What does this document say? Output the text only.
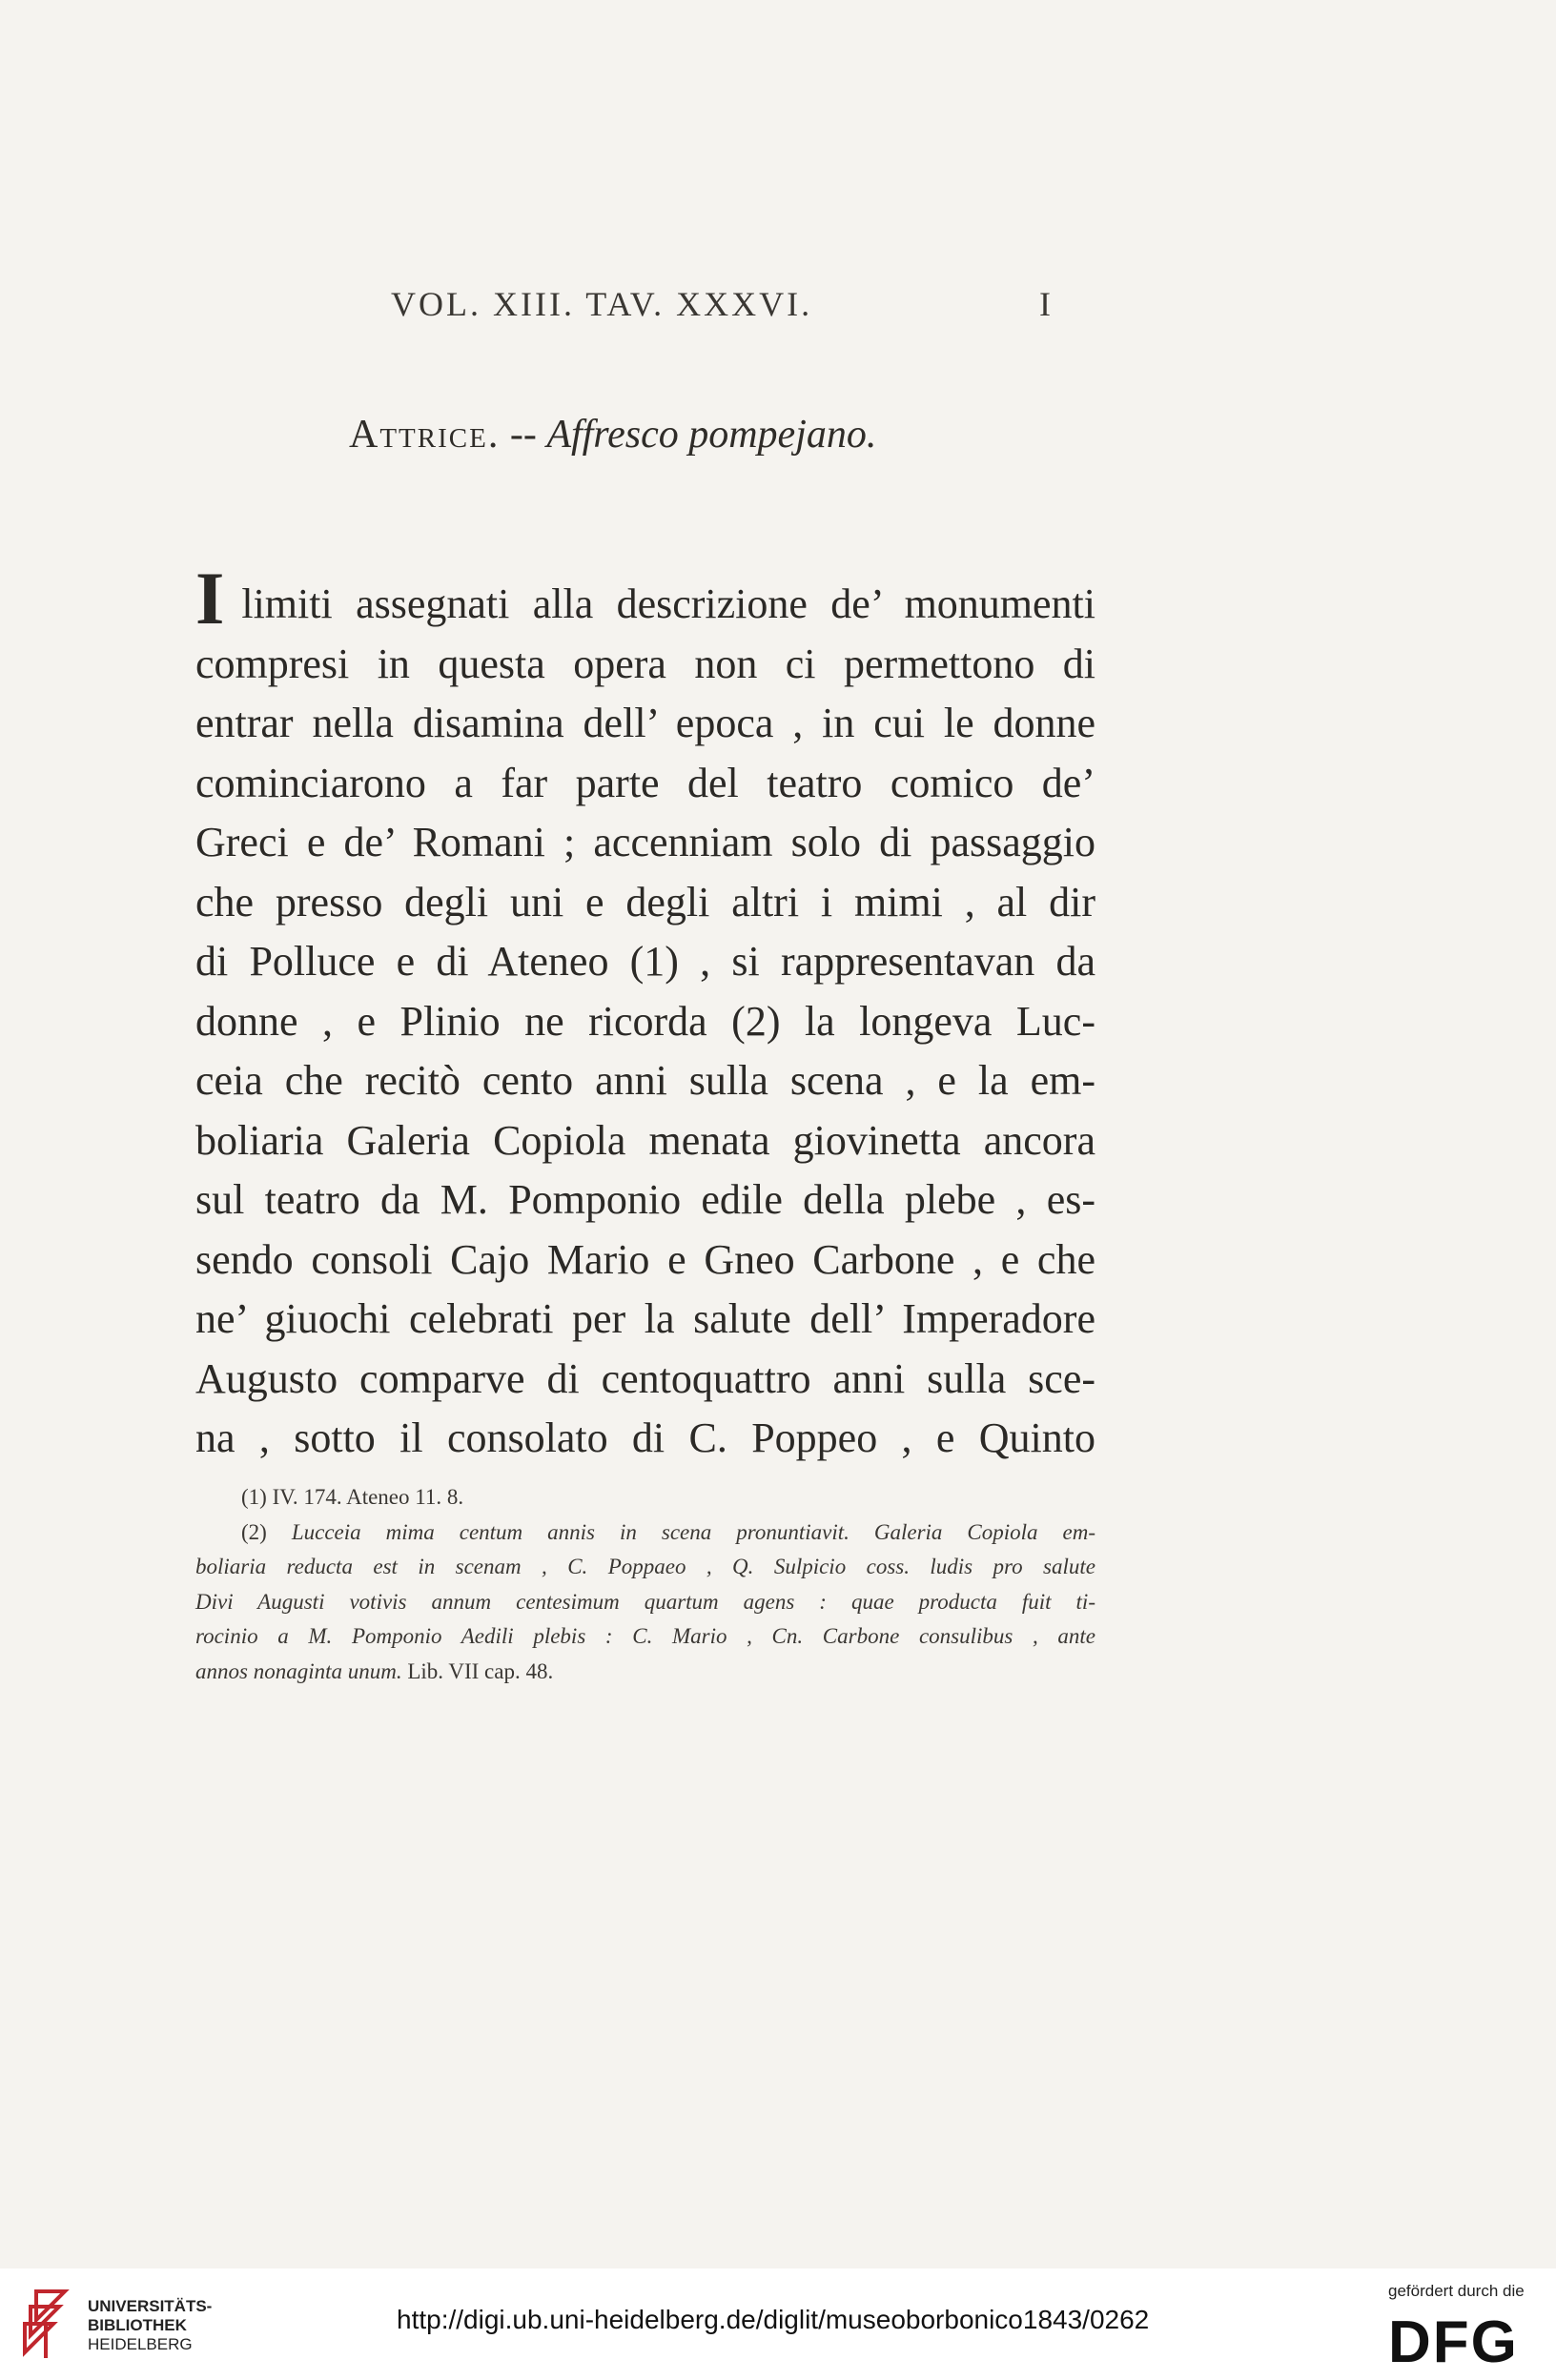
VOL. XIII. TAV. XXXVI.	I
Attrice. -- Affresco pompejano.
Ilimiti assegnati alla descrizione de’ monumenti
compresi in questa opera non ci permettono di
entrar nella disamina dell’ epoca , in cui le donne
cominciarono a far parte del teatro comico de’
Greci e de’ Romani ; accenniam solo di passaggio
che presso degli uni e degli altri i mimi , al dir
di Polluce e di Ateneo (1) , si rappresentavan da
donne , e Plinio ne ricorda (2) la longeva Luc-
ceia che recitò cento anni sulla scena , e la em-
boliaria Galeria Copiola menata giovinetta ancora
sul teatro da M. Pomponio edile della plebe , es-
sendo consoli Cajo Mario e Gneo Carbone , e che
ne’ giuochi celebrati per la salute dell’ Imperadore
Augusto comparve di centoquattro anni sulla sce-
na , sotto il consolato di C. Poppeo , e Quinto
(1) IV. 174. Ateneo 11. 8.
(2) Lucceia mima centum annis in scena pronuntiavit. Galeria Copiola em-
boliaria reducta est in scenam , C. Poppaeo , Q. Sulpicio coss. ludis pro salute
Divi Augusti votivis annum centesimum quartum agens : quae producta fuit ti-
rocinio a M. Pomponio Aedili plebis : C. Mario , Cn. Carbone consulibus , ante
annos nonaginta unum. Lib. VII cap. 48.
UNIVERSITÄTS-
BIBLIOTHEK
HEIDELBERG
http://digi.ub.uni-heidelberg.de/diglit/museoborbonico1843/0262
gefördert durch die
DFG
